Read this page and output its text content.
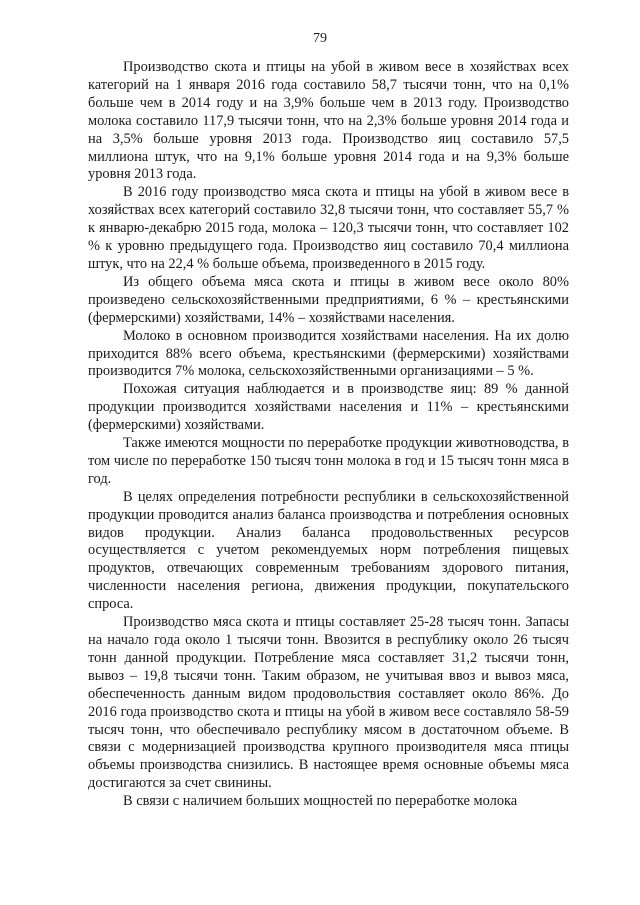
79

Производство скота и птицы на убой в живом весе в хозяйствах всех категорий на 1 января 2016 года составило 58,7 тысячи тонн, что на 0,1% больше чем в 2014 году и на 3,9% больше чем в 2013 году. Производство молока составило 117,9 тысячи тонн, что на 2,3% больше уровня 2014 года и на 3,5% больше уровня 2013 года. Производство яиц составило 57,5 миллиона штук, что на 9,1% больше уровня 2014 года и на 9,3% больше уровня 2013 года.

В 2016 году производство мяса скота и птицы на убой в живом весе в хозяйствах всех категорий составило 32,8 тысячи тонн, что составляет 55,7 % к январю-декабрю 2015 года, молока – 120,3 тысячи тонн, что составляет 102 % к уровню предыдущего года. Производство яиц составило 70,4 миллиона штук, что на 22,4 % больше объема, произведенного в 2015 году.

Из общего объема мяса скота и птицы в живом весе около 80% произведено сельскохозяйственными предприятиями, 6 % – крестьянскими (фермерскими) хозяйствами, 14% – хозяйствами населения.

Молоко в основном производится хозяйствами населения. На их долю приходится 88% всего объема, крестьянскими (фермерскими) хозяйствами производится 7% молока, сельскохозяйственными организациями – 5 %.

Похожая ситуация наблюдается и в производстве яиц: 89 % данной продукции производится хозяйствами населения и 11% – крестьянскими (фермерскими) хозяйствами.

Также имеются мощности по переработке продукции животноводства, в том числе по переработке 150 тысяч тонн молока в год и 15 тысяч тонн мяса в год.

В целях определения потребности республики в сельскохозяйственной продукции проводится анализ баланса производства и потребления основных видов продукции. Анализ баланса продовольственных ресурсов осуществляется с учетом рекомендуемых норм потребления пищевых продуктов, отвечающих современным требованиям здорового питания, численности населения региона, движения продукции, покупательского спроса.

Производство мяса скота и птицы составляет 25-28 тысяч тонн. Запасы на начало года около 1 тысячи тонн. Ввозится в республику около 26 тысяч тонн данной продукции. Потребление мяса составляет 31,2 тысячи тонн, вывоз – 19,8 тысячи тонн. Таким образом, не учитывая ввоз и вывоз мяса, обеспеченность данным видом продовольствия составляет около 86%. До 2016 года производство скота и птицы на убой в живом весе составляло 58-59 тысяч тонн, что обеспечивало республику мясом в достаточном объеме. В связи с модернизацией производства крупного производителя мяса птицы объемы производства снизились. В настоящее время основные объемы мяса достигаются за счет свинины.

В связи с наличием больших мощностей по переработке молока
